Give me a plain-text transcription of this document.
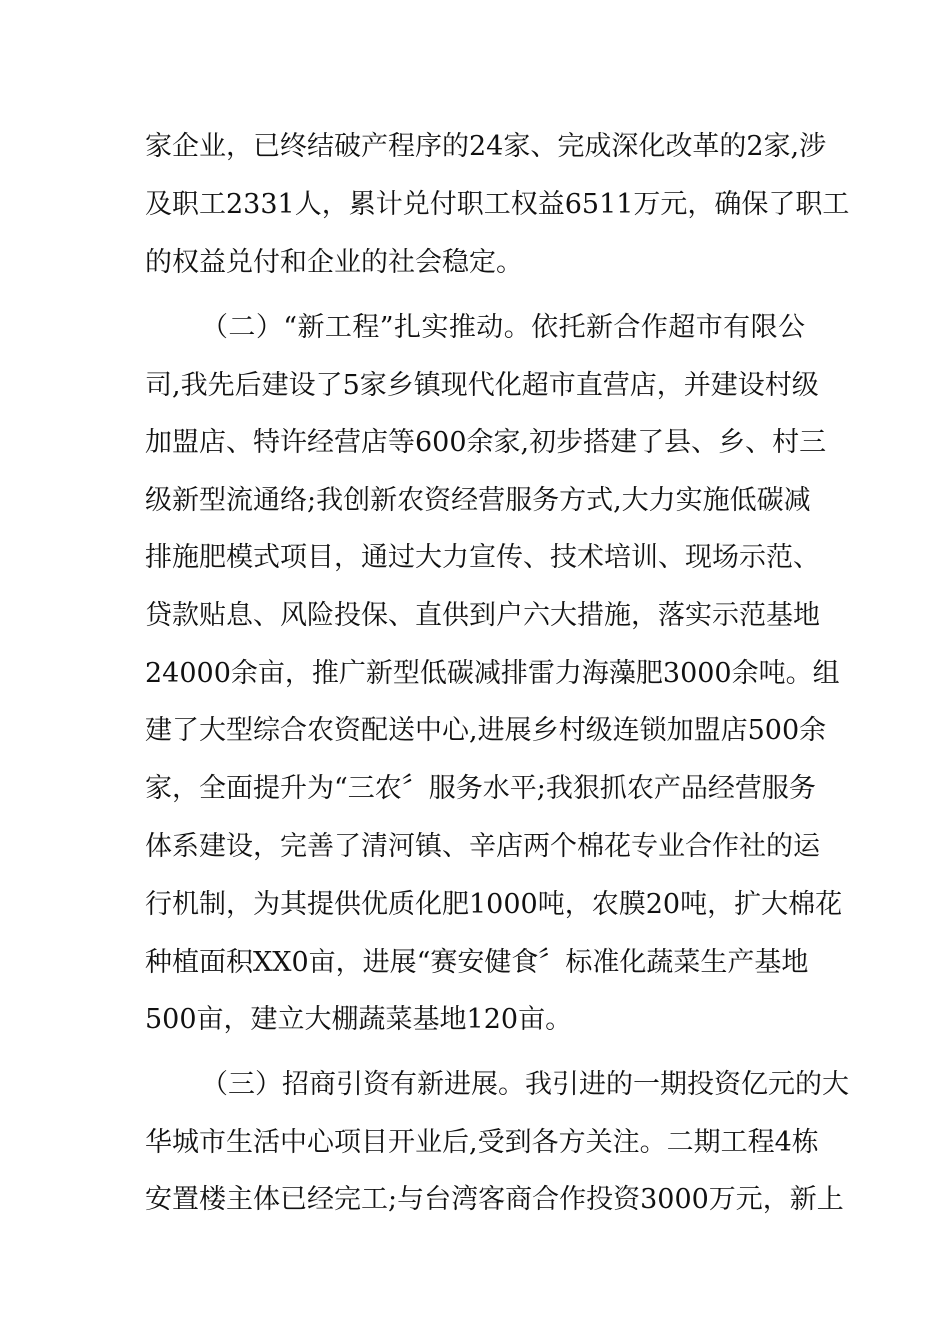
家企业，已终结破产程序的24家、完成深化改革的2家,涉
及职工2331人，累计兑付职工权益6511万元，确保了职工
的权益兑付和企业的社会稳定。
（二）“新工程”扎实推动。依托新合作超市有限公
司,我先后建设了5家乡镇现代化超市直营店，并建设村级
加盟店、特许经营店等600余家,初步搭建了县、乡、村三
级新型流通络;我创新农资经营服务方式,大力实施低碳减
排施肥模式项目，通过大力宣传、技术培训、现场示范、
贷款贴息、风险投保、直供到户六大措施，落实示范基地
24000余亩，推广新型低碳减排雷力海藻肥3000余吨。组
建了大型综合农资配送中心,进展乡村级连锁加盟店500余
家，全面提升为“三农〞服务水平;我狠抓农产品经营服务
体系建设，完善了清河镇、辛店两个棉花专业合作社的运
行机制，为其提供优质化肥1000吨，农膜20吨，扩大棉花
种植面积XX0亩，进展“赛安健食〞标准化蔬菜生产基地
500亩，建立大棚蔬菜基地120亩。
（三）招商引资有新进展。我引进的一期投资亿元的大
华城市生活中心项目开业后,受到各方关注。二期工程4栋
安置楼主体已经完工;与台湾客商合作投资3000万元，新上
